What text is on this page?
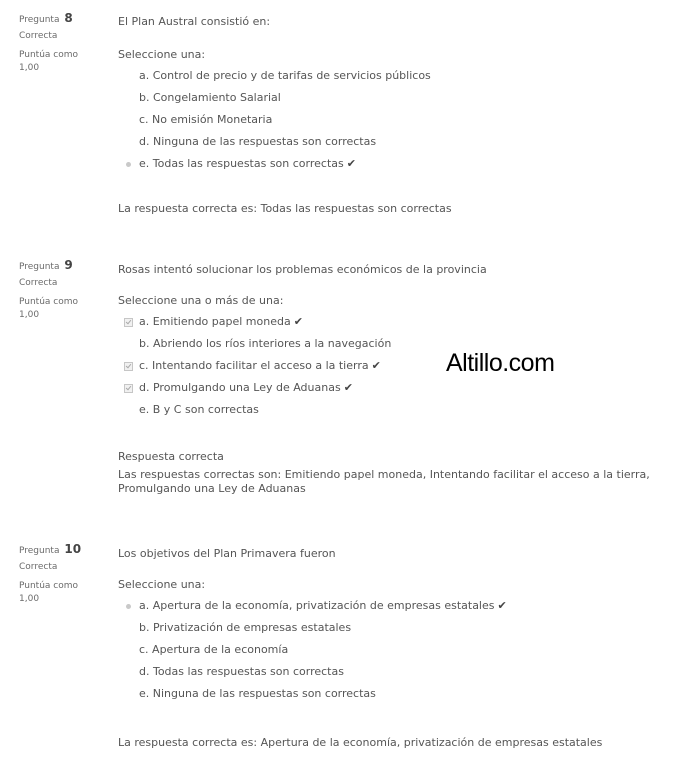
Pregunta 8
Correcta
Puntúa como 1,00
El Plan Austral consistió en:
Seleccione una:
a. Control de precio y de tarifas de servicios públicos
b. Congelamiento Salarial
c. No emisión Monetaria
d. Ninguna de las respuestas son correctas
e. Todas las respuestas son correctas ✔
La respuesta correcta es: Todas las respuestas son correctas
Pregunta 9
Correcta
Puntúa como 1,00
Rosas intentó solucionar los problemas económicos de la provincia
Seleccione una o más de una:
a. Emitiendo papel moneda ✔
b. Abriendo los ríos interiores a la navegación
c. Intentando facilitar el acceso a la tierra ✔
d. Promulgando una Ley de Aduanas ✔
e. B y C son correctas
Respuesta correcta
Las respuestas correctas son: Emitiendo papel moneda, Intentando facilitar el acceso a la tierra, Promulgando una Ley de Aduanas
Pregunta 10
Correcta
Puntúa como 1,00
Los objetivos del Plan Primavera fueron
Seleccione una:
a. Apertura de la economía, privatización de empresas estatales ✔
b. Privatización de empresas estatales
c. Apertura de la economía
d. Todas las respuestas son correctas
e. Ninguna de las respuestas son correctas
La respuesta correcta es: Apertura de la economía, privatización de empresas estatales
Altillo.com
